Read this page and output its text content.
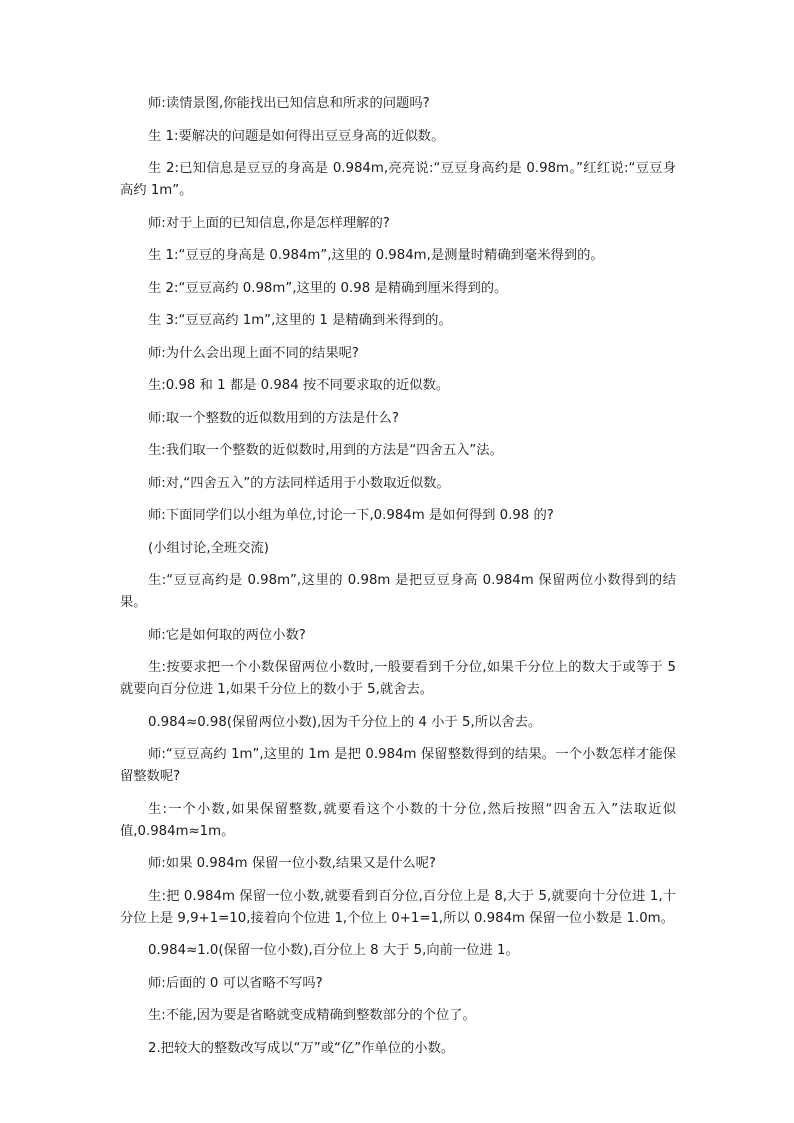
师:读情景图,你能找出已知信息和所求的问题吗?

生 1:要解决的问题是如何得出豆豆身高的近似数。

生 2:已知信息是豆豆的身高是 0.984m,亮亮说:“豆豆身高约是 0.98m。”红红说:“豆豆身高约 1m”。

师:对于上面的已知信息,你是怎样理解的?

生 1:“豆豆的身高是 0.984m”,这里的 0.984m,是测量时精确到毫米得到的。

生 2:“豆豆高约 0.98m”,这里的 0.98 是精确到厘米得到的。

生 3:“豆豆高约 1m”,这里的 1 是精确到米得到的。

师:为什么会出现上面不同的结果呢?

生:0.98 和 1 都是 0.984 按不同要求取的近似数。

师:取一个整数的近似数用到的方法是什么?

生:我们取一个整数的近似数时,用到的方法是“四舍五入”法。

师:对,“四舍五入”的方法同样适用于小数取近似数。

师:下面同学们以小组为单位,讨论一下,0.984m 是如何得到 0.98 的?

(小组讨论,全班交流)

生:“豆豆高约是 0.98m”,这里的 0.98m 是把豆豆身高 0.984m 保留两位小数得到的结果。

师:它是如何取的两位小数?

生:按要求把一个小数保留两位小数时,一般要看到千分位,如果千分位上的数大于或等于 5 就要向百分位进 1,如果千分位上的数小于 5,就舍去。

0.984≈0.98(保留两位小数),因为千分位上的 4 小于 5,所以舍去。

师:“豆豆高约 1m”,这里的 1m 是把 0.984m 保留整数得到的结果。一个小数怎样才能保留整数呢?

生:一个小数,如果保留整数,就要看这个小数的十分位,然后按照“四舍五入”法取近似值,0.984m≈1m。

师:如果 0.984m 保留一位小数,结果又是什么呢?

生:把 0.984m 保留一位小数,就要看到百分位,百分位上是 8,大于 5,就要向十分位进 1,十分位上是 9,9+1=10,接着向个位进 1,个位上 0+1=1,所以 0.984m 保留一位小数是 1.0m。

0.984≈1.0(保留一位小数),百分位上 8 大于 5,向前一位进 1。

师:后面的 0 可以省略不写吗?

生:不能,因为要是省略就变成精确到整数部分的个位了。

2.把较大的整数改写成以“万”或“亿”作单位的小数。
